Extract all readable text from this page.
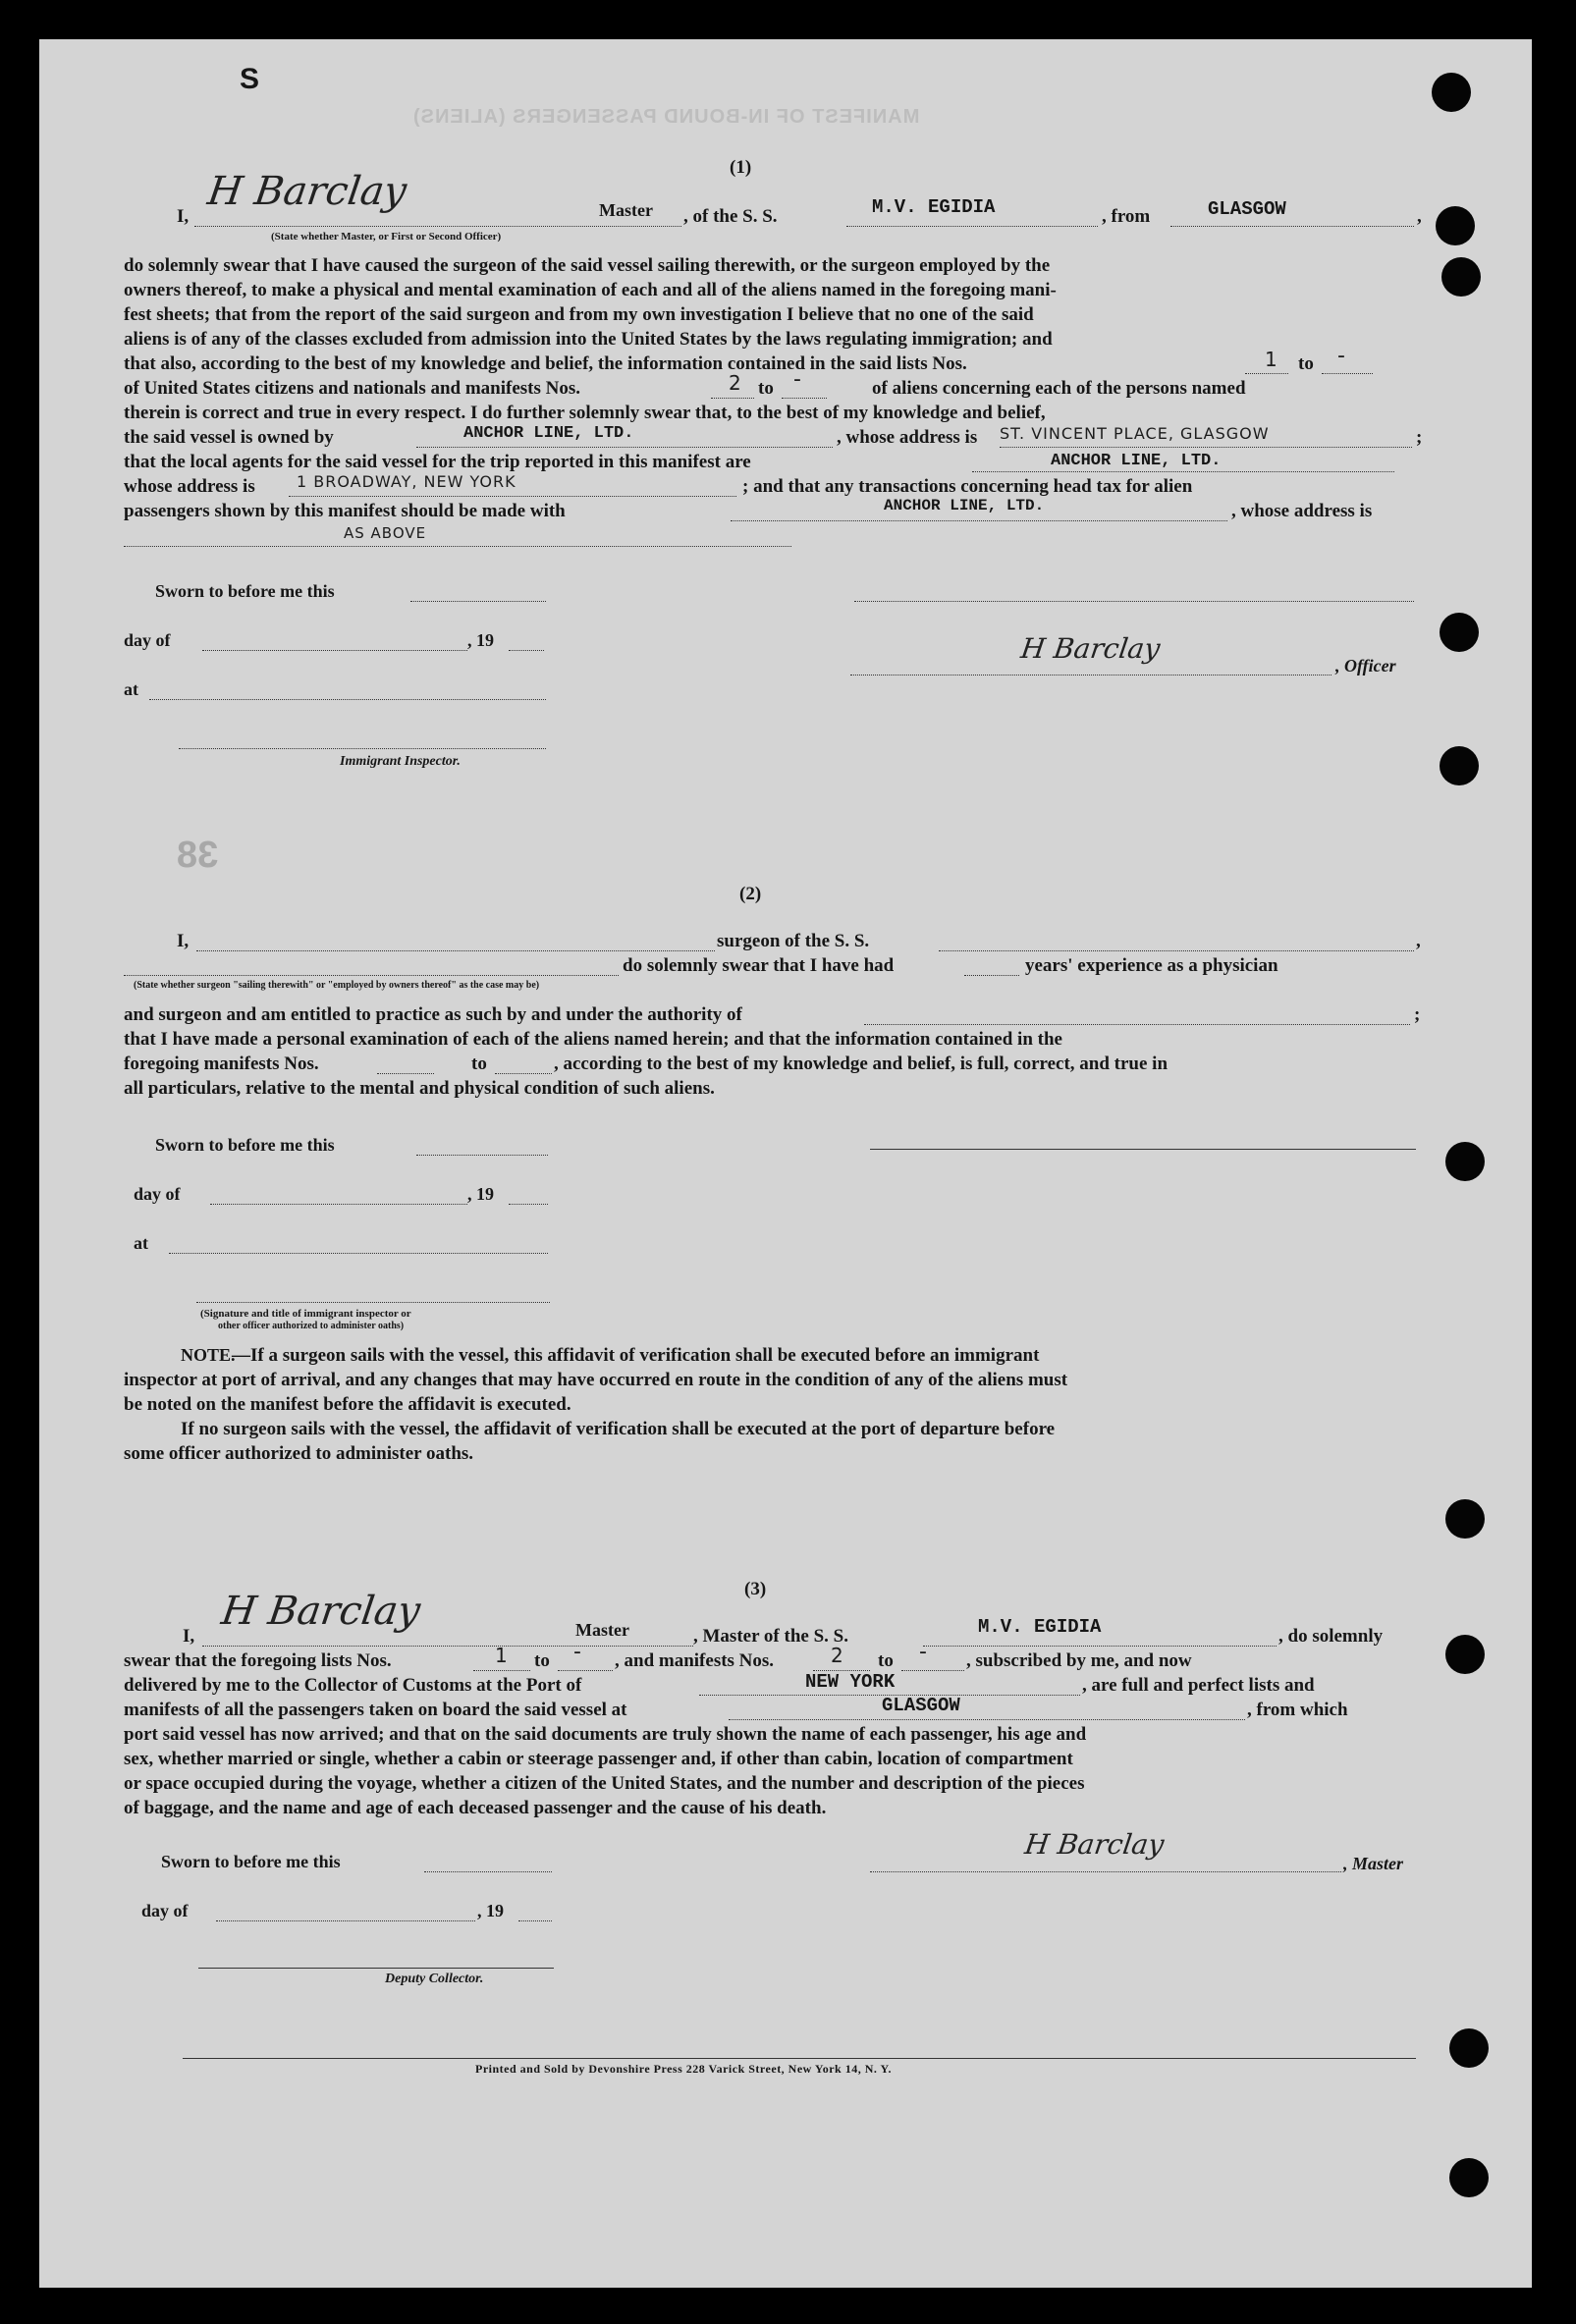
MANIFEST OF IN-BOUND PASSENGERS (ALIENS)
38
S
(1)
I,
H Barclay	Master , of the S. S.	M.V. EGIDIA	, from	GLASGOW	,
(State whether Master, or First or Second Officer)
do solemnly swear that I have caused the surgeon of the said vessel sailing therewith, or the surgeon employed by the
owners thereof, to make a physical and mental examination of each and all of the aliens named in the foregoing mani-
fest sheets; that from the report of the said surgeon and from my own investigation I believe that no one of the said
aliens is of any of the classes excluded from admission into the United States by the laws regulating immigration; and
that also, according to the best of my knowledge and belief, the information contained in the said lists Nos.	1 to -
of United States citizens and nationals and manifests Nos.	2 to -	of aliens concerning each of the persons named
therein is correct and true in every respect. I do further solemnly swear that, to the best of my knowledge and belief,
the said vessel is owned by	ANCHOR LINE, LTD.	, whose address is ST. VINCENT PLACE, GLASGOW	;
that the local agents for the said vessel for the trip reported in this manifest are	ANCHOR LINE, LTD.
whose address is	1 BROADWAY, NEW YORK	; and that any transactions concerning head tax for alien
passengers shown by this manifest should be made with	ANCHOR LINE, LTD.	, whose address is
AS ABOVE
Sworn to before me this
day of	, 19
at
Immigrant Inspector.
H Barclay
, Officer
(2)
I,	surgeon of the S. S.	,
do solemnly swear that I have had	years' experience as a physician
(State whether surgeon "sailing therewith" or "employed by owners thereof" as the case may be)
and surgeon and am entitled to practice as such by and under the authority of	;
that I have made a personal examination of each of the aliens named herein; and that the information contained in the
foregoing manifests Nos.	to	, according to the best of my knowledge and belief, is full, correct, and true in
all particulars, relative to the mental and physical condition of such aliens.
Sworn to before me this
day of	, 19
at
(Signature and title of immigrant inspector or
other officer authorized to administer oaths)
NOTE.
—If a surgeon sails with the vessel, this affidavit of verification shall be executed before an immigrant
inspector at port of arrival, and any changes that may have occurred en route in the condition of any of the aliens must
be noted on the manifest before the affidavit is executed.
If no surgeon sails with the vessel, the affidavit of verification shall be executed at the port of departure before
some officer authorized to administer oaths.
(3)
I,
H Barclay	Master	, Master of the S. S.	M.V. EGIDIA	, do solemnly
swear that the foregoing lists Nos.	1 to - , and manifests Nos.	2 to - , subscribed by me, and now
delivered by me to the Collector of Customs at the Port of	NEW YORK	, are full and perfect lists and
manifests of all the passengers taken on board the said vessel at	GLASGOW	, from which
port said vessel has now arrived; and that on the said documents are truly shown the name of each passenger, his age and
sex, whether married or single, whether a cabin or steerage passenger and, if other than cabin, location of compartment
or space occupied during the voyage, whether a citizen of the United States, and the number and description of the pieces
of baggage, and the name and age of each deceased passenger and the cause of his death.
Sworn to before me this
H Barclay
, Master
day of	, 19
Deputy Collector.
Printed and Sold by Devonshire Press 228 Varick Street, New York 14, N. Y.
